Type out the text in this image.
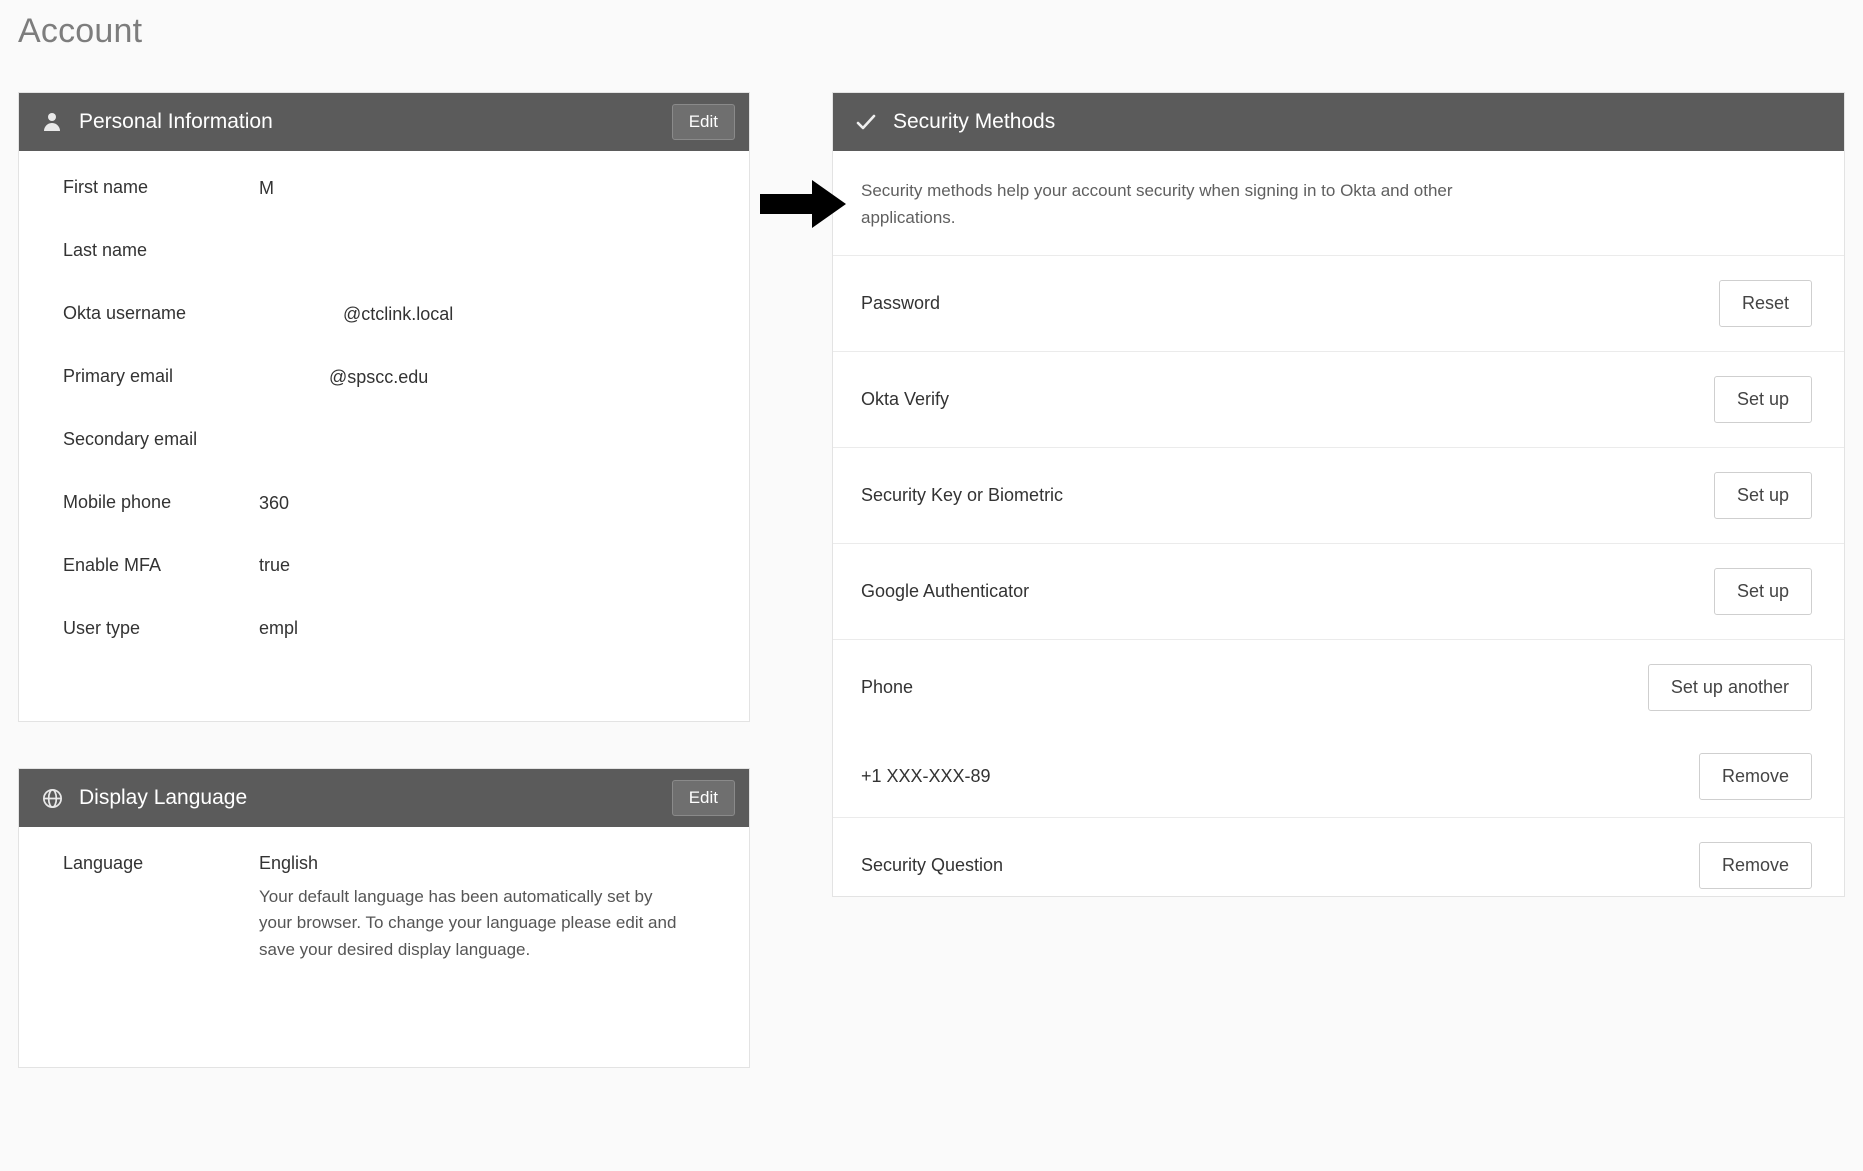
Account
Personal Information	Edit
First name	M
Last name
Okta username	@ctclink.local
Primary email	@spscc.edu
Secondary email
Mobile phone	360
Enable MFA	true
User type	empl
Display Language	Edit
Language	English
Your default language has been automatically set by your browser. To change your language please edit and save your desired display language.
Security Methods
Security methods help your account security when signing in to Okta and other applications.
Password	Reset
Okta Verify	Set up
Security Key or Biometric	Set up
Google Authenticator	Set up
Phone	Set up another
+1 XXX-XXX-89	Remove
Security Question	Remove
